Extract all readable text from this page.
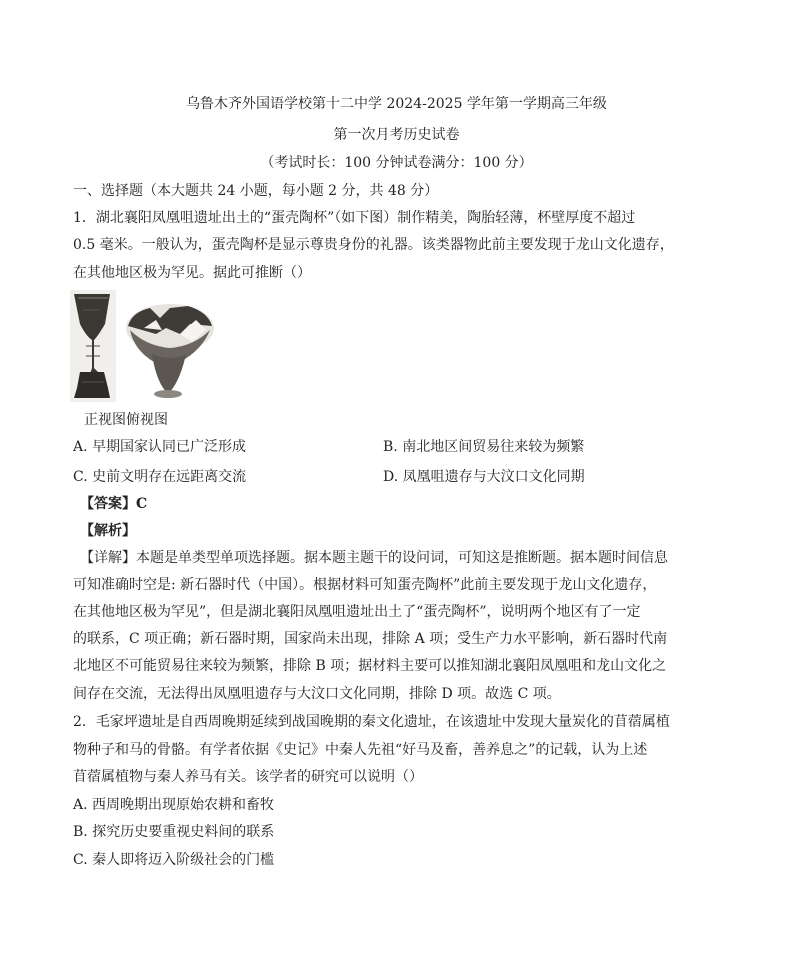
乌鲁木齐外国语学校第十二中学 2024-2025 学年第一学期高三年级
第一次月考历史试卷
（考试时长：100 分钟试卷满分：100 分）
一、选择题（本大题共 24 小题，每小题 2 分，共 48 分）
1．湖北襄阳凤凰咀遗址出土的“蛋壳陶杯”（如下图）制作精美，陶胎轻薄，杯壁厚度不超过
0.5 毫米。一般认为，蛋壳陶杯是显示尊贵身份的礼器。该类器物此前主要发现于龙山文化遗存，
在其他地区极为罕见。据此可推断（）
正视图俯视图
A. 早期国家认同已广泛形成	B. 南北地区间贸易往来较为频繁
C. 史前文明存在远距离交流	D. 凤凰咀遗存与大汶口文化同期
【答案】C
【解析】
【详解】本题是单类型单项选择题。据本题主题干的设问词，可知这是推断题。据本题时间信息
可知准确时空是: 新石器时代（中国）。根据材料可知蛋壳陶杯”此前主要发现于龙山文化遗存，
在其他地区极为罕见”，但是湖北襄阳凤凰咀遗址出土了“蛋壳陶杯”，说明两个地区有了一定
的联系，C 项正确；新石器时期，国家尚未出现，排除 A 项；受生产力水平影响，新石器时代南
北地区不可能贸易往来较为频繁，排除 B 项；据材料主要可以推知湖北襄阳凤凰咀和龙山文化之
间存在交流，无法得出凤凰咀遗存与大汶口文化同期，排除 D 项。故选 C 项。
2．毛家坪遗址是自西周晚期延续到战国晚期的秦文化遗址，在该遗址中发现大量炭化的苜蓿属植
物种子和马的骨骼。有学者依据《史记》中秦人先祖“好马及畜，善养息之”的记载，认为上述
苜蓿属植物与秦人养马有关。该学者的研究可以说明（）
A. 西周晚期出现原始农耕和畜牧
B. 探究历史要重视史料间的联系
C. 秦人即将迈入阶级社会的门槛
